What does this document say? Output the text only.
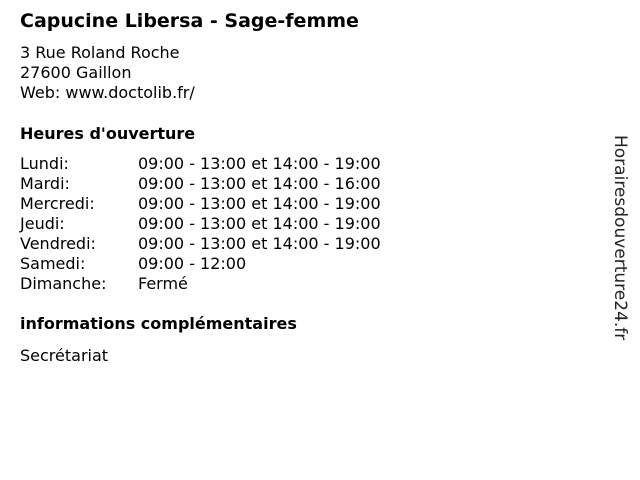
Capucine Libersa - Sage-femme
3 Rue Roland Roche
27600 Gaillon
Web: www.doctolib.fr/
Heures d'ouverture
Lundi:	09:00 - 13:00 et 14:00 - 19:00
Mardi:	09:00 - 13:00 et 14:00 - 16:00
Mercredi:	09:00 - 13:00 et 14:00 - 19:00
Jeudi:	09:00 - 13:00 et 14:00 - 19:00
Vendredi:	09:00 - 13:00 et 14:00 - 19:00
Samedi:	09:00 - 12:00
Dimanche:	Fermé
informations complémentaires
Secrétariat
Horairesdouverture24.fr
